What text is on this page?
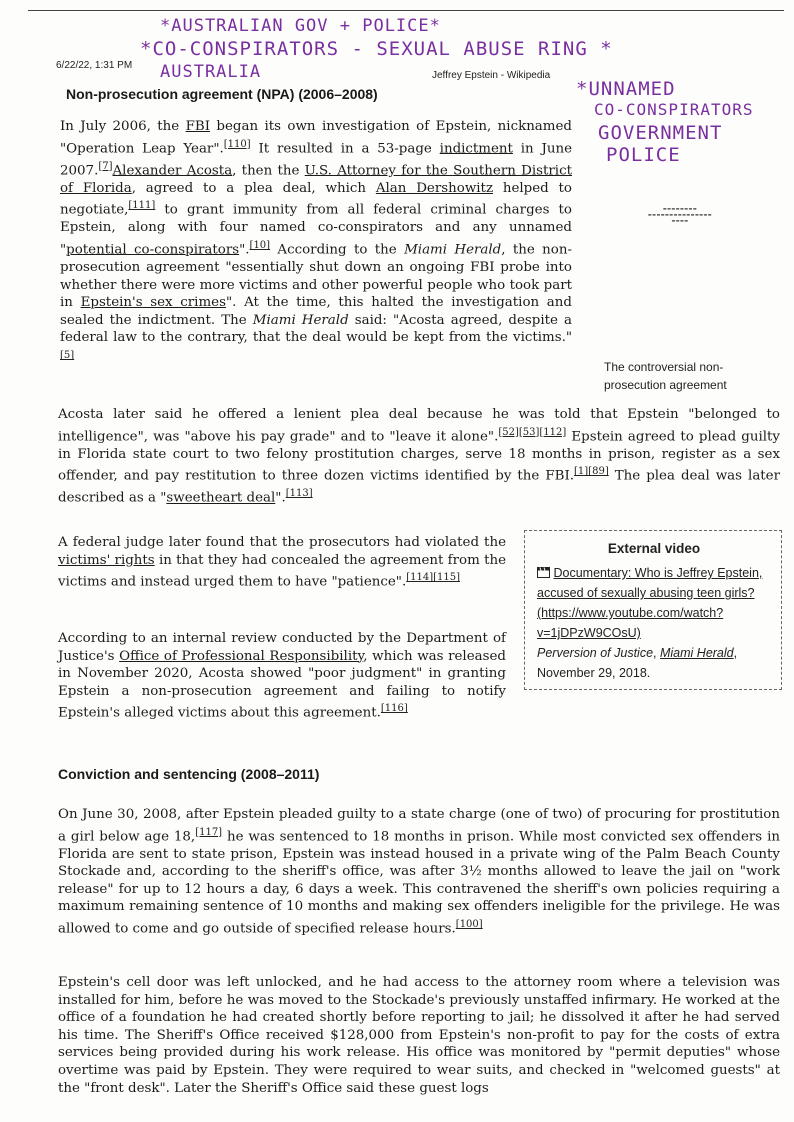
*AUSTRALIAN GOV + POLICE*
*CO-CONSPIRATORS - SEXUAL ABUSE RING *
AUSTRALIA
*UNNAMED
CO-CONSPIRATORS
GOVERNMENT
POLICE
6/22/22, 1:31 PM
Jeffrey Epstein - Wikipedia
Non-prosecution agreement (NPA) (2006–2008)
▬▬▬▬▬▬▬▬
▬▬▬▬▬▬▬▬▬▬▬▬▬▬▬
▬▬▬▬
The controversial non-prosecution agreement

In July 2006, the FBI began its own investigation of Epstein, nicknamed "Operation Leap Year".[110] It resulted in a 53-page indictment in June 2007.[7]Alexander Acosta, then the U.S. Attorney for the Southern District of Florida, agreed to a plea deal, which Alan Dershowitz helped to negotiate,[111] to grant immunity from all federal criminal charges to Epstein, along with four named co-conspirators and any unnamed "potential co-conspirators".[10] According to the Miami Herald, the non-prosecution agreement "essentially shut down an ongoing FBI probe into whether there were more victims and other powerful people who took part in Epstein's sex crimes". At the time, this halted the investigation and sealed the indictment. The Miami Herald said: "Acosta agreed, despite a federal law to the contrary, that the deal would be kept from the victims."[5]

Acosta later said he offered a lenient plea deal because he was told that Epstein "belonged to intelligence", was "above his pay grade" and to "leave it alone".[52][53][112] Epstein agreed to plead guilty in Florida state court to two felony prostitution charges, serve 18 months in prison, register as a sex offender, and pay restitution to three dozen victims identified by the FBI.[1][89] The plea deal was later described as a "sweetheart deal".[113]

A federal judge later found that the prosecutors had violated the victims' rights in that they had concealed the agreement from the victims and instead urged them to have "patience".[114][115]

According to an internal review conducted by the Department of Justice's Office of Professional Responsibility, which was released in November 2020, Acosta showed "poor judgment" in granting Epstein a non-prosecution agreement and failing to notify Epstein's alleged victims about this agreement.[116]

External video
Documentary: Who is Jeffrey Epstein, accused of sexually abusing teen girls? (https://www.youtube.com/watch?v=1jDPzW9COsU)
Perversion of Justice, Miami Herald, November 29, 2018.
Conviction and sentencing (2008–2011)

On June 30, 2008, after Epstein pleaded guilty to a state charge (one of two) of procuring for prostitution a girl below age 18,[117] he was sentenced to 18 months in prison. While most convicted sex offenders in Florida are sent to state prison, Epstein was instead housed in a private wing of the Palm Beach County Stockade and, according to the sheriff's office, was after 3½ months allowed to leave the jail on "work release" for up to 12 hours a day, 6 days a week. This contravened the sheriff's own policies requiring a maximum remaining sentence of 10 months and making sex offenders ineligible for the privilege. He was allowed to come and go outside of specified release hours.[100]

Epstein's cell door was left unlocked, and he had access to the attorney room where a television was installed for him, before he was moved to the Stockade's previously unstaffed infirmary. He worked at the office of a foundation he had created shortly before reporting to jail; he dissolved it after he had served his time. The Sheriff's Office received $128,000 from Epstein's non-profit to pay for the costs of extra services being provided during his work release. His office was monitored by "permit deputies" whose overtime was paid by Epstein. They were required to wear suits, and checked in "welcomed guests" at the "front desk". Later the Sheriff's Office said these guest logs
